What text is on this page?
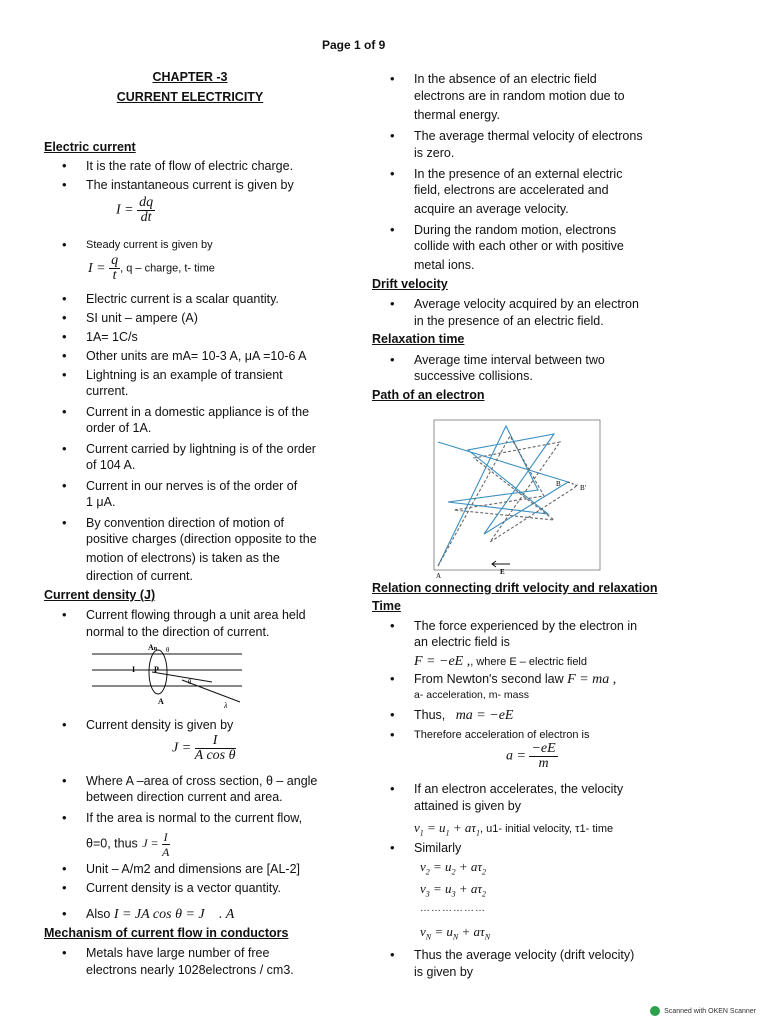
Page 1 of 9
CHAPTER -3
CURRENT ELECTRICITY
Electric current
• It is the rate of flow of electric charge.
• The instantaneous current is given by
$I = \frac{dq}{dt}$
• Steady current is given by
$I = \frac{q}{t}$ , q – charge, t- time
• Electric current is a scalar quantity.
• SI unit – ampere (A)
• 1A= 1C/s
• Other units are mA= 10-3 A, μA =10-6 A
• Lightning is an example of transient
current.
• Current in a domestic appliance is of the
order of 1A.
• Current carried by lightning is of the order
of 104 A.
• Current in our nerves is of the order of
1 μA.
• By convention direction of motion of
positive charges (direction opposite to the
motion of electrons) is taken as the
direction of current.
Current density (J)
• Current flowing through a unit area held
normal to the direction of current.
An θ
I P
θ
A	λ
• Current density is given by
$J = \frac{I}{\text{A cos θ}}$
• Where A –area of cross section, θ – angle
between direction current and area.
• If the area is normal to the current flow,
θ=0, thus $J = \frac{I}{A}$
• Unit – A/m2 and dimensions are [AL-2]
• Current density is a vector quantity.
• Also I = JA cos θ = J⃗ . A⃗
Mechanism of current flow in conductors
• Metals have large number of free
electrons nearly 1028electrons / cm3.
• In the absence of an electric field
electrons are in random motion due to
thermal energy.
• The average thermal velocity of electrons
is zero.
• In the presence of an external electric
field, electrons are accelerated and
acquire an average velocity.
• During the random motion, electrons
collide with each other or with positive
metal ions.
Drift velocity
• Average velocity acquired by an electron
in the presence of an electric field.
Relaxation time
• Average time interval between two
successive collisions.
Path of an electron
A
B	B'
E
Relation connecting drift velocity and relaxation
Time
• The force experienced by the electron in
an electric field is
F = −eE ,, where E – electric field
• From Newton's second law F = ma ,
a- acceleration, m- mass
• Thus, ma = −eE
• Therefore acceleration of electron is
$a = \frac{-eE}{m}$
• If an electron accelerates, the velocity
attained is given by
$v_1 = u_1 + a\tau_1$, u1- initial velocity, τ1- time
• Similarly
$v_2 = u_2 + a\tau_2$
$v_3 = u_3 + a\tau_2$
………………
$v_N = u_N + a\tau_N$
• Thus the average velocity (drift velocity)
is given by
Scanned with OKEN Scanner
